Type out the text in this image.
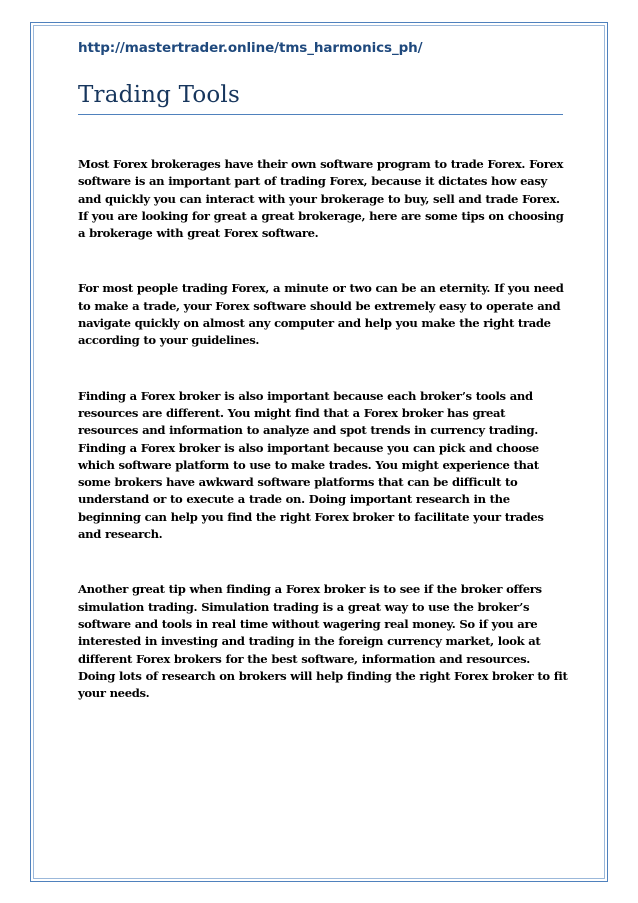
http://mastertrader.online/tms_harmonics_ph/
Trading Tools

Most Forex brokerages have their own software program to trade Forex. Forex software is an important part of trading Forex, because it dictates how easy and quickly you can interact with your brokerage to buy, sell and trade Forex. If you are looking for great a great brokerage, here are some tips on choosing a brokerage with great Forex software.

For most people trading Forex, a minute or two can be an eternity. If you need to make a trade, your Forex software should be extremely easy to operate and navigate quickly on almost any computer and help you make the right trade according to your guidelines.

Finding a Forex broker is also important because each broker’s tools and resources are different. You might find that a Forex broker has great resources and information to analyze and spot trends in currency trading. Finding a Forex broker is also important because you can pick and choose which software platform to use to make trades. You might experience that some brokers have awkward software platforms that can be difficult to understand or to execute a trade on. Doing important research in the beginning can help you find the right Forex broker to facilitate your trades and research.

Another great tip when finding a Forex broker is to see if the broker offers simulation trading. Simulation trading is a great way to use the broker’s software and tools in real time without wagering real money. So if you are interested in investing and trading in the foreign currency market, look at different Forex brokers for the best software, information and resources. Doing lots of research on brokers will help finding the right Forex broker to fit your needs.
